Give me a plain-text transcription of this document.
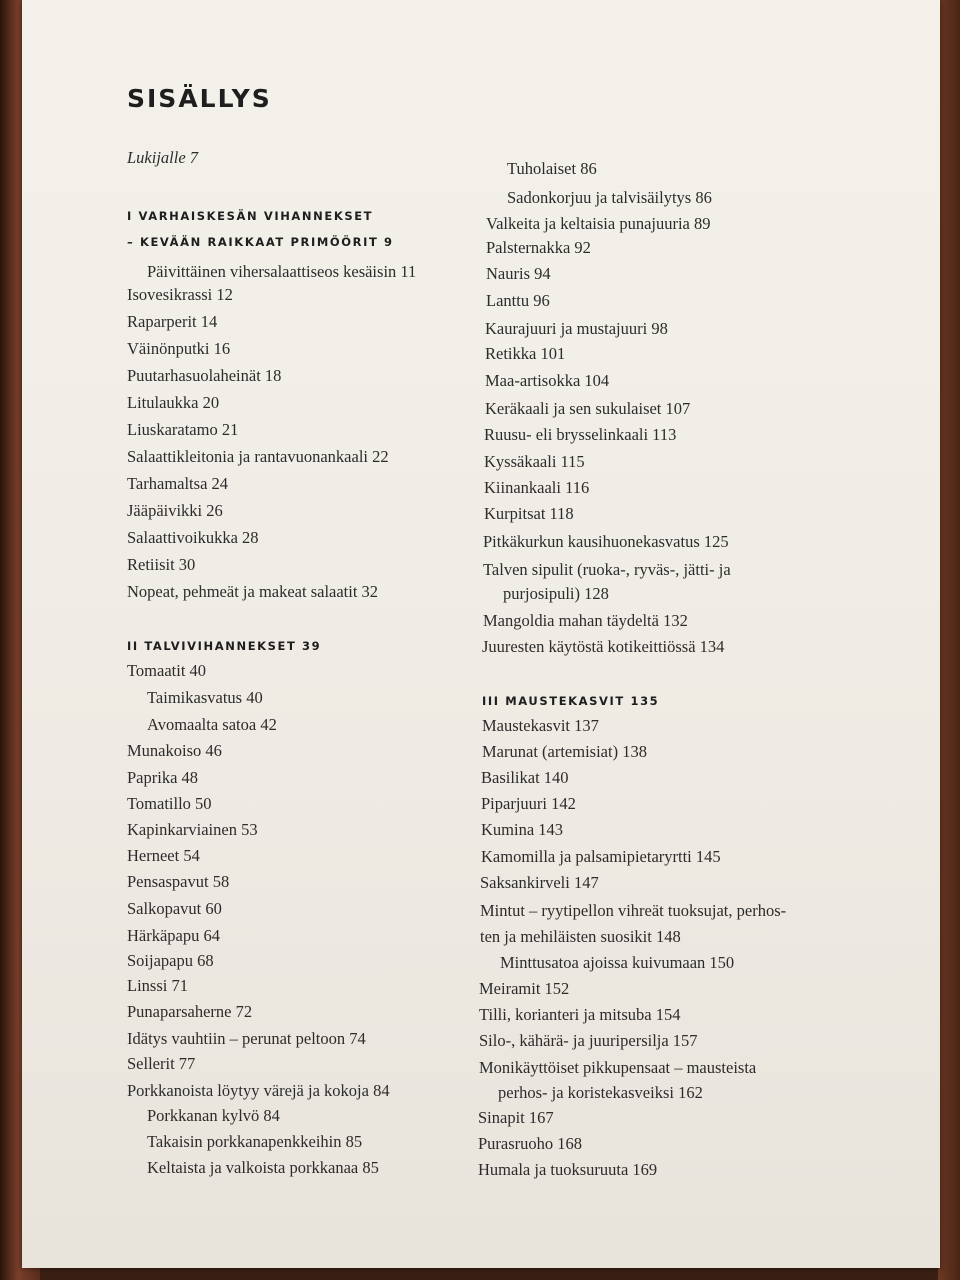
SISÄLLYS
Lukijalle 7
I VARHAISKESÄN VIHANNEKSET
– KEVÄÄN RAIKKAAT PRIMÖÖRIT 9
Päivittäinen vihersalaattiseos kesäisin 11
Isovesikrassi 12
Raparperit 14
Väinönputki 16
Puutarhasuolaheinät 18
Litulaukka 20
Liuskaratamo 21
Salaattikleitonia ja rantavuonankaali 22
Tarhamaltsa 24
Jääpäivikki 26
Salaattivoikukka 28
Retiisit 30
Nopeat, pehmeät ja makeat salaatit 32
II TALVIVIHANNEKSET 39
Tomaatit 40
Taimikasvatus 40
Avomaalta satoa 42
Munakoiso 46
Paprika 48
Tomatillo 50
Kapinkarviainen 53
Herneet 54
Pensaspavut 58
Salkopavut 60
Härkäpapu 64
Soijapapu 68
Linssi 71
Punaparsaherne 72
Idätys vauhtiin – perunat peltoon 74
Sellerit 77
Porkkanoista löytyy värejä ja kokoja 84
Porkkanan kylvö 84
Takaisin porkkanapenkkeihin 85
Keltaista ja valkoista porkkanaa 85
Tuholaiset 86
Sadonkorjuu ja talvisäilytys 86
Valkeita ja keltaisia punajuuria 89
Palsternakka 92
Nauris 94
Lanttu 96
Kaurajuuri ja mustajuuri 98
Retikka 101
Maa-artisokka 104
Keräkaali ja sen sukulaiset 107
Ruusu- eli brysselinkaali 113
Kyssäkaali 115
Kiinankaali 116
Kurpitsat 118
Pitkäkurkun kausihuonekasvatus 125
Talven sipulit (ruoka-, ryväs-, jätti- ja
purjosipuli) 128
Mangoldia mahan täydeltä 132
Juuresten käytöstä kotikeittiössä 134
III MAUSTEKASVIT 135
Maustekasvit 137
Marunat (artemisiat) 138
Basilikat 140
Piparjuuri 142
Kumina 143
Kamomilla ja palsamipietaryrtti 145
Saksankirveli 147
Mintut – ryytipellon vihreät tuoksujat, perhos-
ten ja mehiläisten suosikit 148
Minttusatoa ajoissa kuivumaan 150
Meiramit 152
Tilli, korianteri ja mitsuba 154
Silo-, kähärä- ja juuripersilja 157
Monikäyttöiset pikkupensaat – mausteista
perhos- ja koristekasveiksi 162
Sinapit 167
Purasruoho 168
Humala ja tuoksuruuta 169
